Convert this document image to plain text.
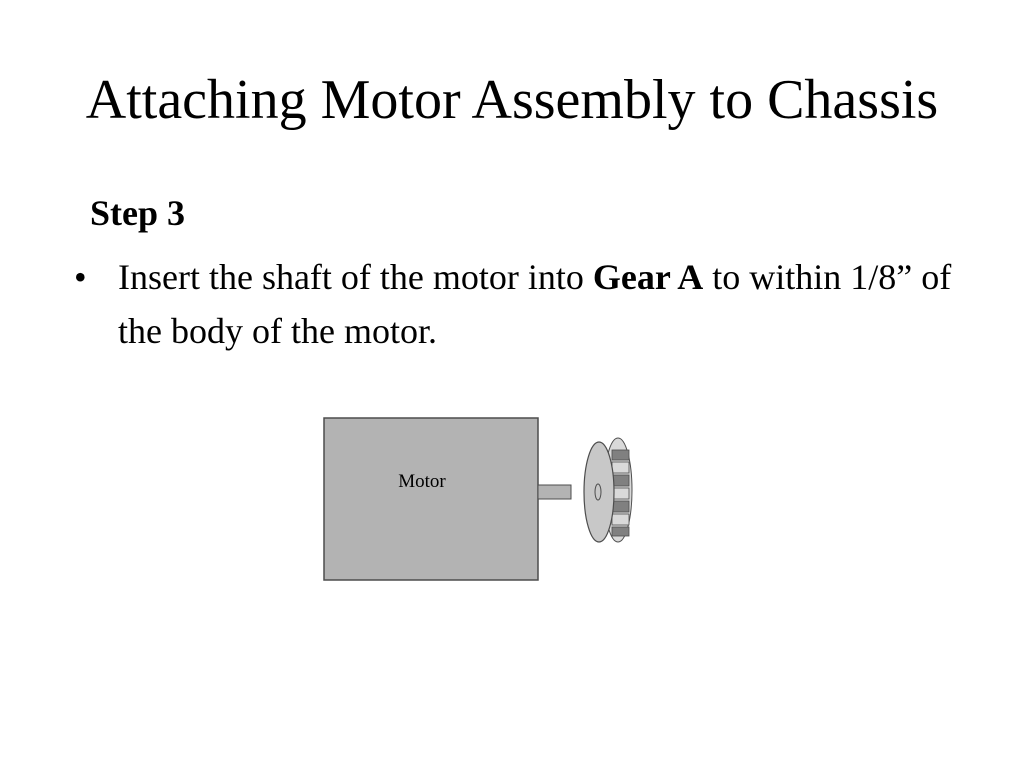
Attaching Motor Assembly to Chassis
Step 3
• Insert the shaft of the motor into Gear A to within 1/8” of the body of the motor.
Motor
